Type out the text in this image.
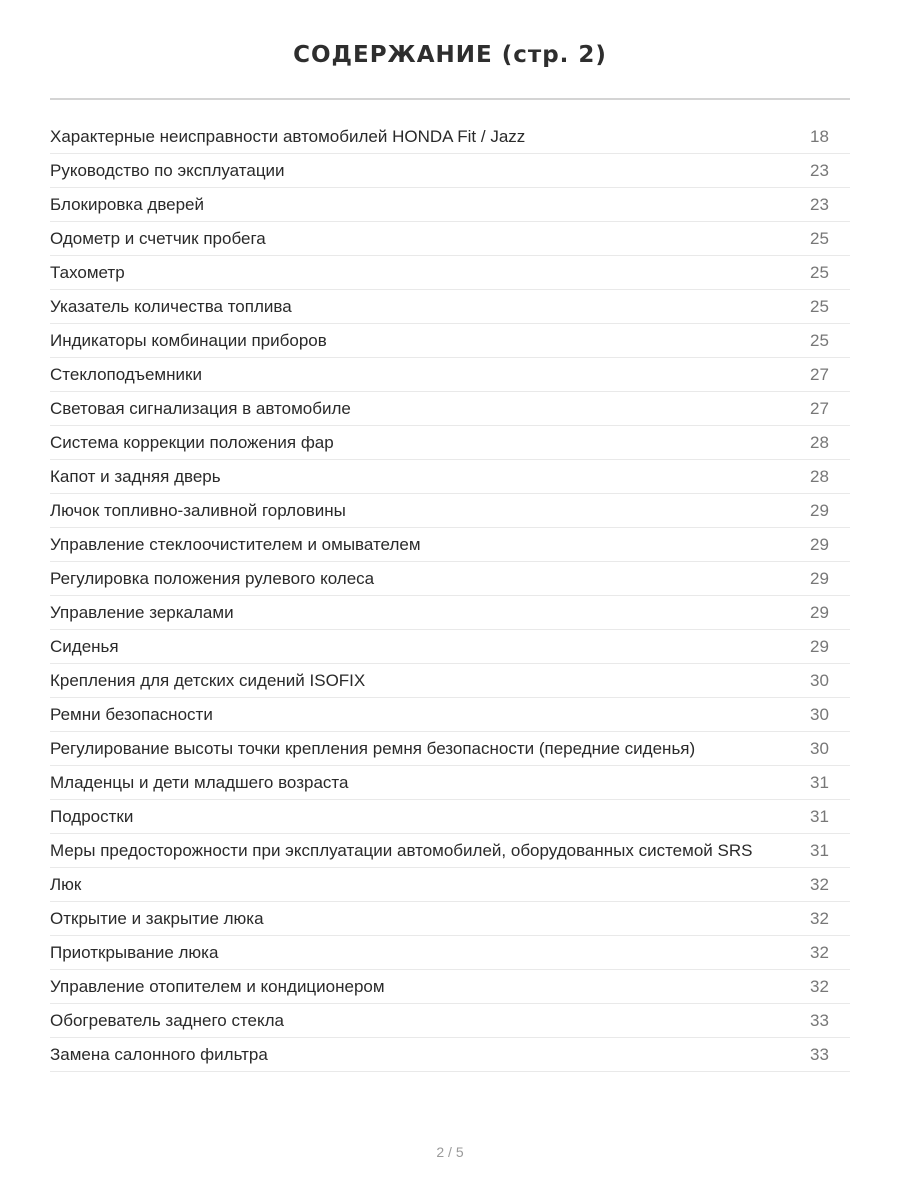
СОДЕРЖАНИЕ (стр. 2)
Характерные неисправности автомобилей HONDA Fit / Jazz	18
Руководство по эксплуатации	23
Блокировка дверей	23
Одометр и счетчик пробега	25
Тахометр	25
Указатель количества топлива	25
Индикаторы комбинации приборов	25
Стеклоподъемники	27
Световая сигнализация в автомобиле	27
Система коррекции положения фар	28
Капот и задняя дверь	28
Лючок топливно-заливной горловины	29
Управление стеклоочистителем и омывателем	29
Регулировка положения рулевого колеса	29
Управление зеркалами	29
Сиденья	29
Крепления для детских сидений ISOFIX	30
Ремни безопасности	30
Регулирование высоты точки крепления ремня безопасности (передние сиденья)	30
Младенцы и дети младшего возраста	31
Подростки	31
Меры предосторожности при эксплуатации автомобилей, оборудованных системой SRS	31
Люк	32
Открытие и закрытие люка	32
Приоткрывание люка	32
Управление отопителем и кондиционером	32
Обогреватель заднего стекла	33
Замена салонного фильтра	33
2 / 5
